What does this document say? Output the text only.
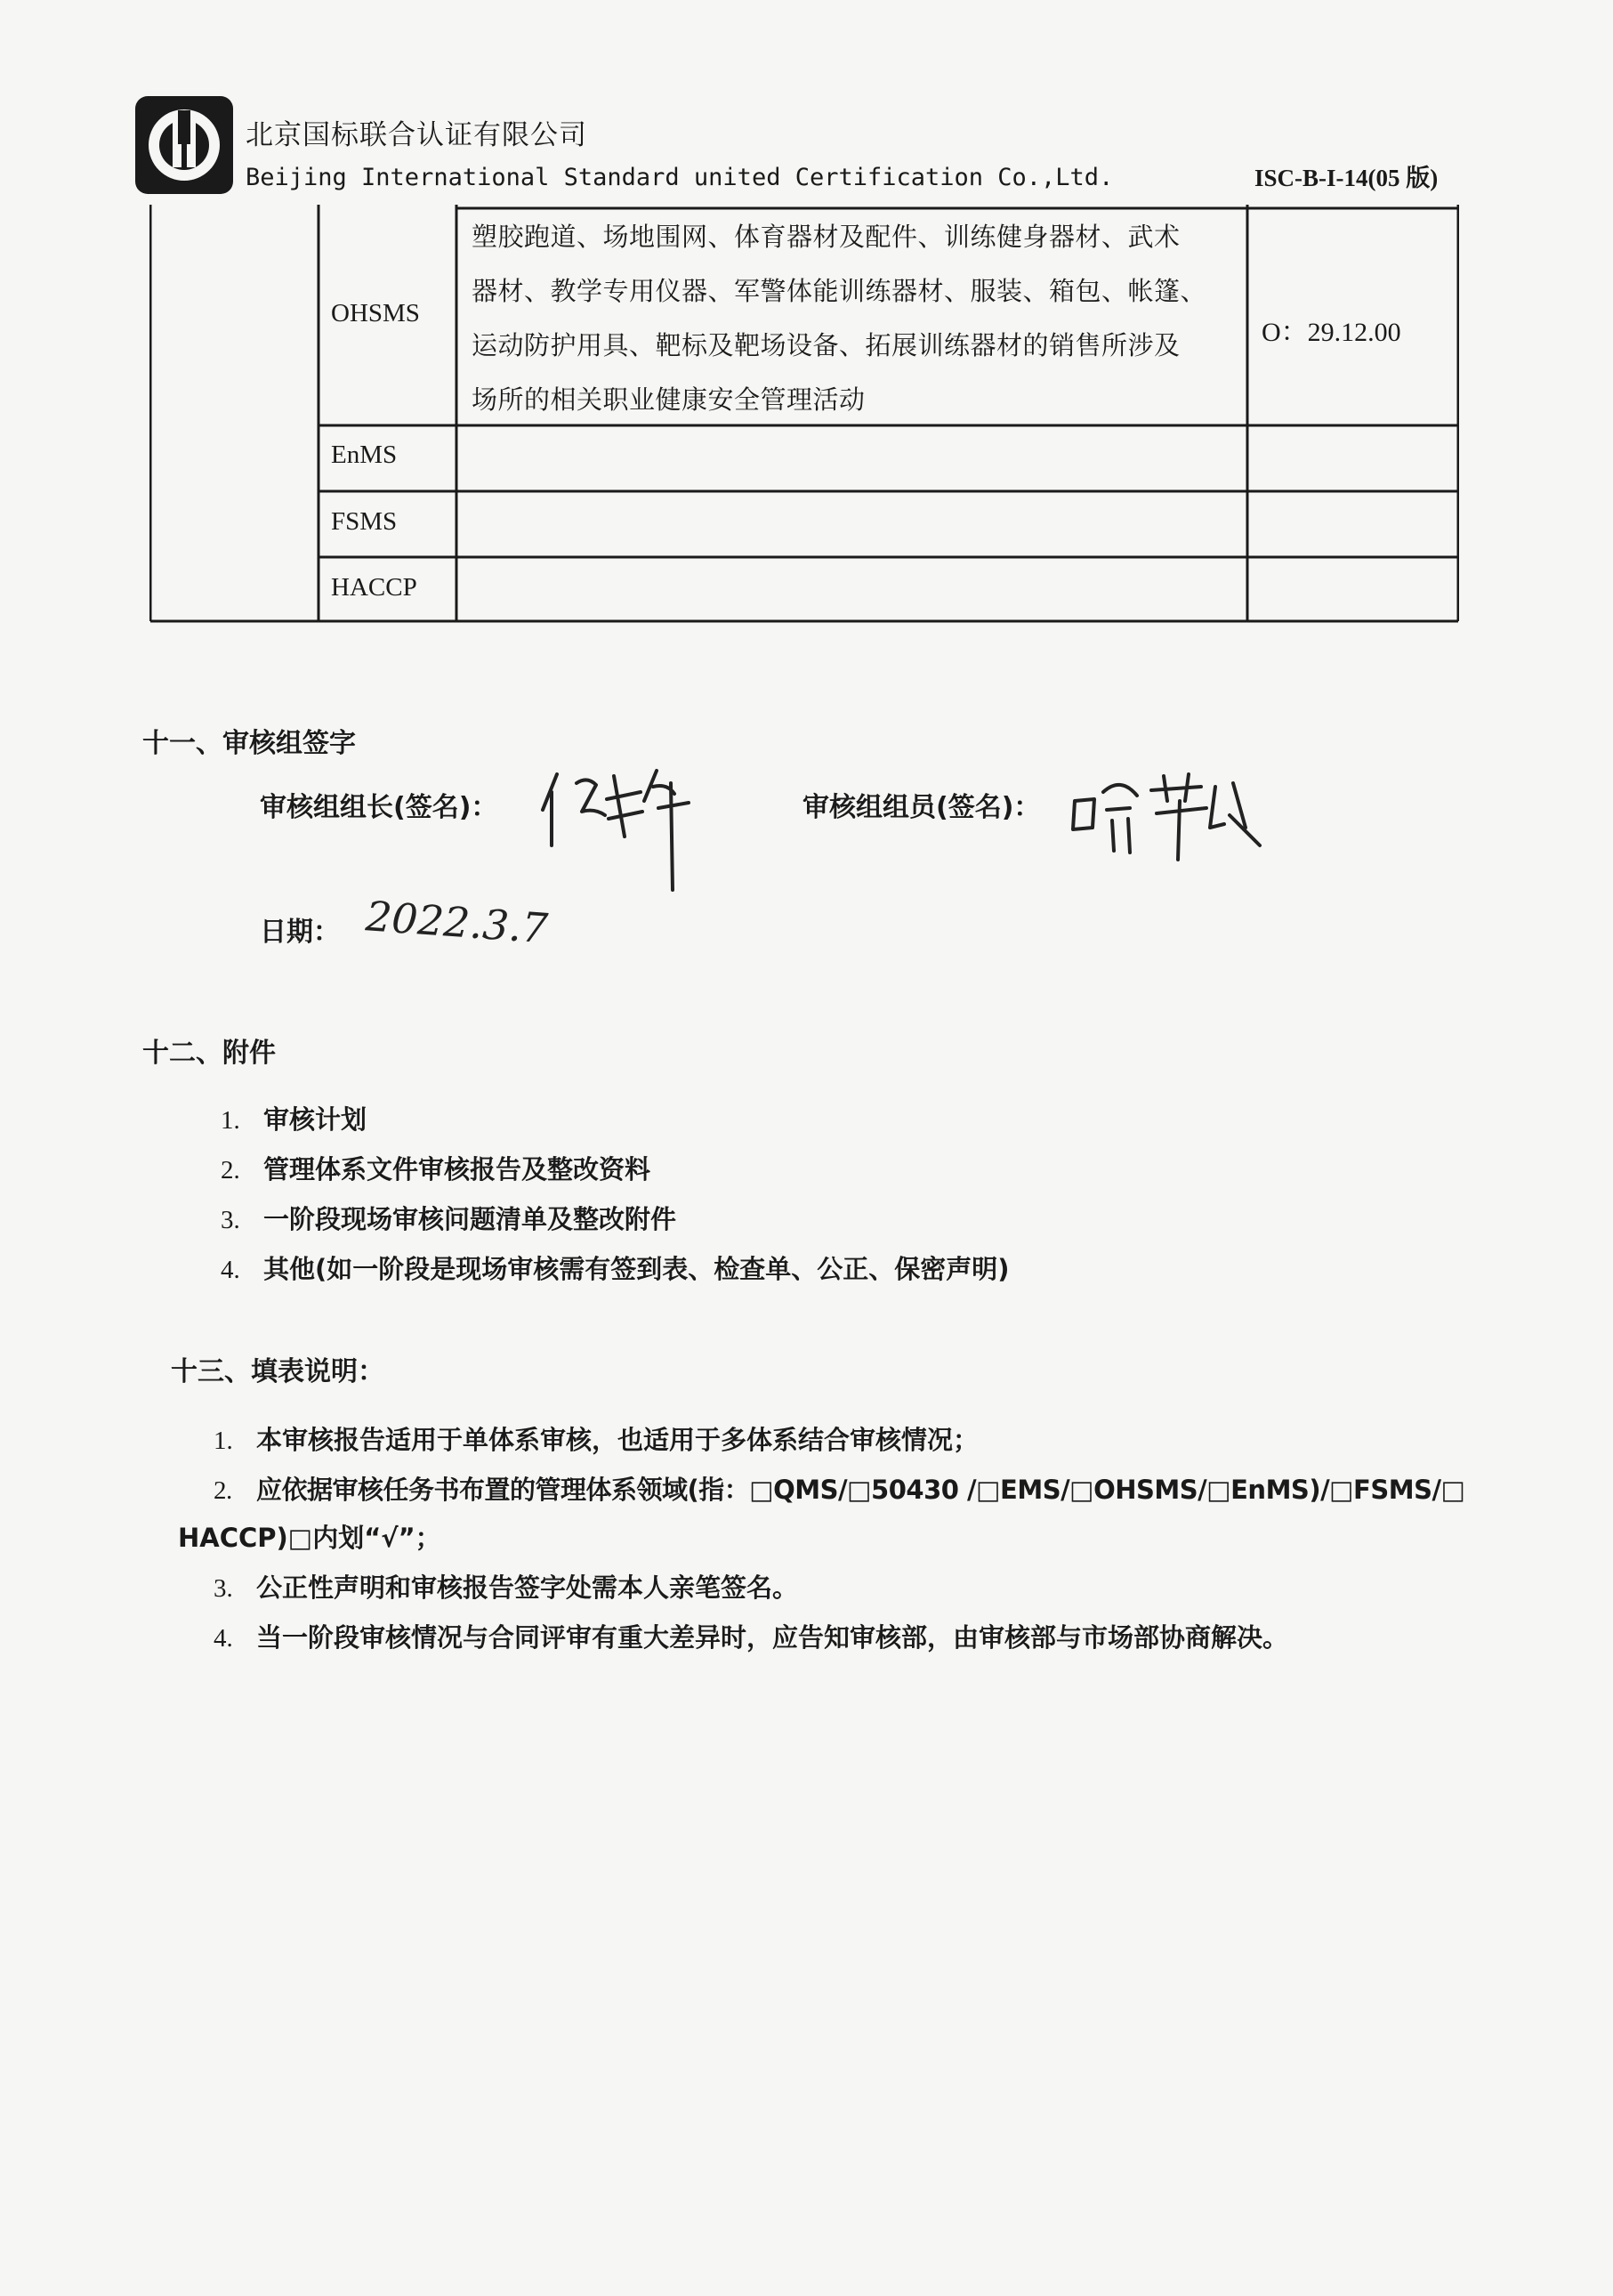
北京国标联合认证有限公司
Beijing International Standard united Certification Co.,Ltd.	ISC-B-I-14(05 版)
OHSMS
塑胶跑道、场地围网、体育器材及配件、训练健身器材、武术
器材、教学专用仪器、军警体能训练器材、服装、箱包、帐篷、
运动防护用具、靶标及靶场设备、拓展训练器材的销售所涉及
场所的相关职业健康安全管理活动
O：29.12.00
EnMS
FSMS
HACCP
十一、审核组签字
审核组组长(签名)：	审核组组员(签名)：
日期： 2022.3.7
十二、附件
1. 审核计划
2. 管理体系文件审核报告及整改资料
3. 一阶段现场审核问题清单及整改附件
4. 其他(如一阶段是现场审核需有签到表、检查单、公正、保密声明)
十三、填表说明：
1. 本审核报告适用于单体系审核，也适用于多体系结合审核情况；
2. 应依据审核任务书布置的管理体系领域(指：□QMS/□50430 /□EMS/□OHSMS/□EnMS)/□FSMS/□
HACCP)□内划“√”；
3. 公正性声明和审核报告签字处需本人亲笔签名。
4. 当一阶段审核情况与合同评审有重大差异时，应告知审核部，由审核部与市场部协商解决。
